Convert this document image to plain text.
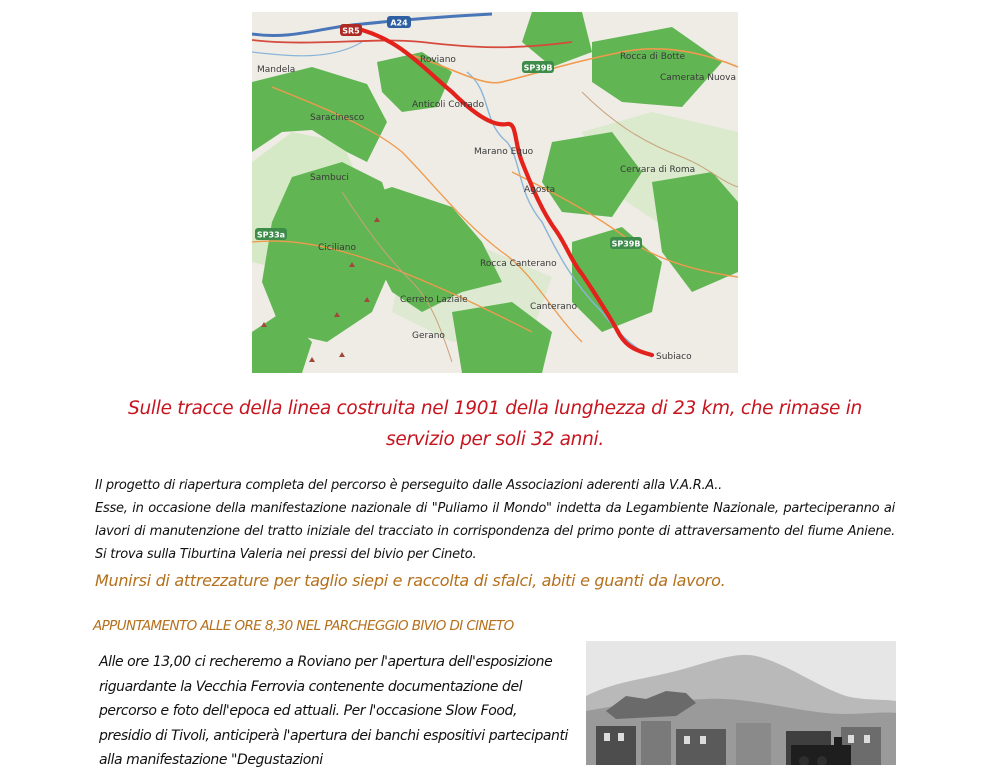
SR5
A24
SP39B
SP39B
SP33a
Mandela
Roviano	Rocca di Botte
Camerata Nuova
Anticoli Corrado
Saracinesco
Marano Equo
Cervara di Roma
Sambuci
Agosta
Ciciliano
Rocca Canterano
Cerreto Laziale
Canterano
Gerano
Subiaco
Sulle tracce della linea costruita nel 1901 della lunghezza di 23 km, che rimase in servizio per soli 32 anni.

Il progetto di riapertura completa del percorso è perseguito dalle Associazioni aderenti alla V.A.R.A..

Esse, in occasione della manifestazione nazionale di "Puliamo il Mondo" indetta da Legambiente Nazionale, parteciperanno ai lavori di manutenzione del tratto iniziale del tracciato in corrispondenza del primo ponte di attraversamento del fiume Aniene. Si trova sulla Tiburtina Valeria nei pressi del bivio per Cineto.

Munirsi di attrezzature per taglio siepi e raccolta di sfalci, abiti e guanti da lavoro.
APPUNTAMENTO ALLE ORE 8,30 NEL PARCHEGGIO BIVIO DI CINETO

Alle ore 13,00 ci recheremo a Roviano per l'apertura dell'esposizione riguardante la Vecchia Ferrovia contenente documentazione del percorso e foto dell'epoca ed attuali. Per l'occasione Slow Food, presidio di Tivoli, anticiperà l'apertura dei banchi espositivi partecipanti alla manifestazione "Degustazioni
